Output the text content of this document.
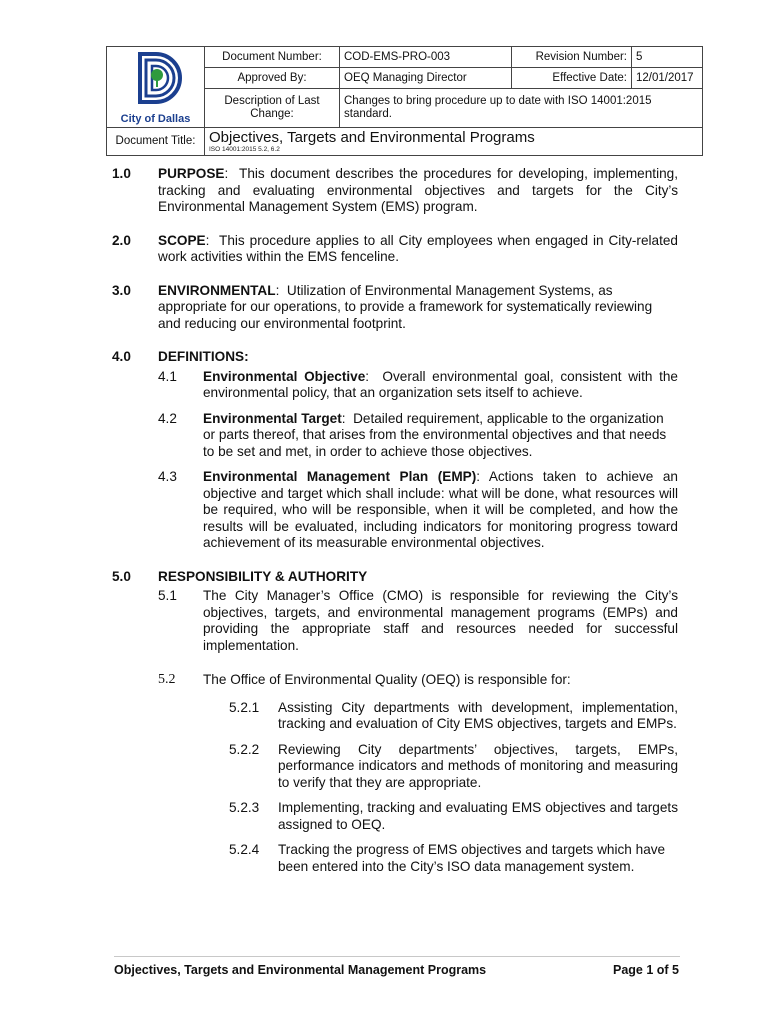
City of Dallas	Document Number:	COD-EMS-PRO-003	Revision Number:	5
	Approved By:	OEQ Managing Director	Effective Date:	12/01/2017
	Description of Last Change:	Changes to bring procedure up to date with ISO 14001:2015 standard.		
Document Title:	Objectives, Targets and Environmental Programs
ISO 14001:2015 5.2, 6.2			
1.0 PURPOSE:  This document describes the procedures for developing, implementing, tracking and evaluating environmental objectives and targets for the City’s Environmental Management System (EMS) program.
2.0 SCOPE:  This procedure applies to all City employees when engaged in City-related work activities within the EMS fenceline.
3.0 ENVIRONMENTAL:  Utilization of Environmental Management Systems, as appropriate for our operations, to provide a framework for systematically reviewing and reducing our environmental footprint.
4.0 DEFINITIONS:
4.1 Environmental Objective:  Overall environmental goal, consistent with the environmental policy, that an organization sets itself to achieve.
4.2 Environmental Target:  Detailed requirement, applicable to the organization or parts thereof, that arises from the environmental objectives and that needs to be set and met, in order to achieve those objectives.
4.3 Environmental Management Plan (EMP): Actions taken to achieve an objective and target which shall include: what will be done, what resources will be required, who will be responsible, when it will be completed, and how the results will be evaluated, including indicators for monitoring progress toward achievement of its measurable environmental objectives.
5.0 RESPONSIBILITY & AUTHORITY
5.1 The City Manager’s Office (CMO) is responsible for reviewing the City’s objectives, targets, and environmental management programs (EMPs) and providing the appropriate staff and resources needed for successful implementation.
5.2 The Office of Environmental Quality (OEQ) is responsible for:
5.2.1 Assisting City departments with development, implementation, tracking and evaluation of City EMS objectives, targets and EMPs.
5.2.2 Reviewing City departments’ objectives, targets, EMPs, performance indicators and methods of monitoring and measuring to verify that they are appropriate.
5.2.3 Implementing, tracking and evaluating EMS objectives and targets assigned to OEQ.
5.2.4 Tracking the progress of EMS objectives and targets which have been entered into the City’s ISO data management system.
Objectives, Targets and Environmental Management Programs	Page 1 of 5
